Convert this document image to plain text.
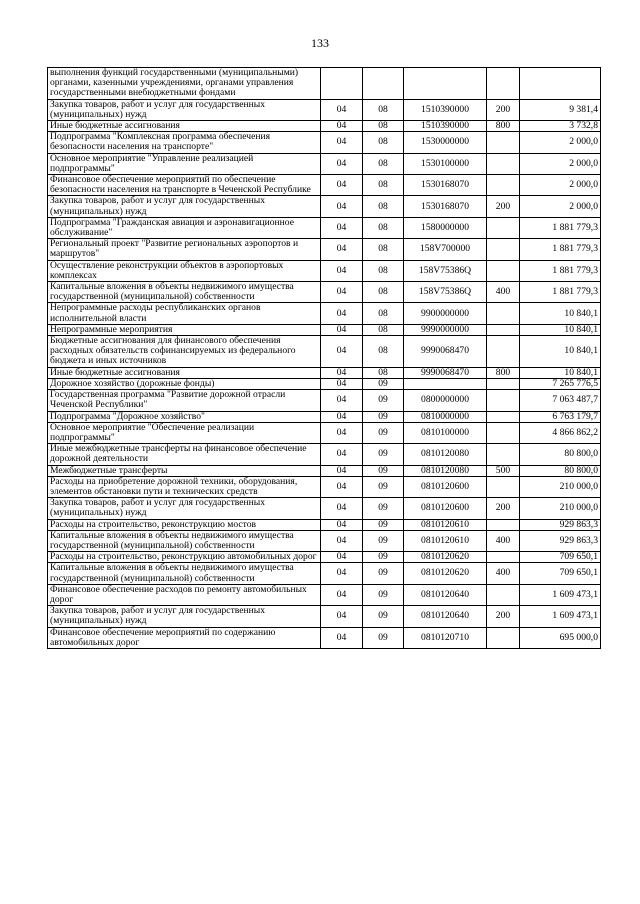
133
выполнения функций государственными (муниципальными) органами, казенными учреждениями, органами управления государственными внебюджетными фондами					
Закупка товаров, работ и услуг для государственных (муниципальных) нужд	04	08	1510390000	200	9 381,4
Иные бюджетные ассигнования	04	08	1510390000	800	3 732,8
Подпрограмма "Комплексная программа обеспечения безопасности населения на транспорте"	04	08	1530000000		2 000,0
Основное мероприятие "Управление реализацией подпрограммы"	04	08	1530100000		2 000,0
Финансовое обеспечение мероприятий по обеспечение безопасности населения на транспорте в Чеченской Республике	04	08	1530168070		2 000,0
Закупка товаров, работ и услуг для государственных (муниципальных) нужд	04	08	1530168070	200	2 000,0
Подпрограмма "Гражданская авиация и аэронавигационное обслуживание"	04	08	1580000000		1 881 779,3
Региональный проект "Развитие региональных аэропортов и маршрутов"	04	08	158V700000		1 881 779,3
Осуществление реконструкции объектов в аэропортовых комплексах	04	08	158V75386Q		1 881 779,3
Капитальные вложения в объекты недвижимого имущества государственной (муниципальной) собственности	04	08	158V75386Q	400	1 881 779,3
Непрограммные расходы республиканских органов исполнительной власти	04	08	9900000000		10 840,1
Непрограммные мероприятия	04	08	9990000000		10 840,1
Бюджетные ассигнования для финансового обеспечения расходных обязательств софинансируемых из федерального бюджета и иных источников	04	08	9990068470		10 840,1
Иные бюджетные ассигнования	04	08	9990068470	800	10 840,1
Дорожное хозяйство (дорожные фонды)	04	09			7 265 776,5
Государственная программа "Развитие дорожной отрасли Чеченской Республики"	04	09	0800000000		7 063 487,7
Подпрограмма "Дорожное хозяйство"	04	09	0810000000		6 763 179,7
Основное мероприятие "Обеспечение реализации подпрограммы"	04	09	0810100000		4 866 862,2
Иные межбюджетные трансферты на финансовое обеспечение дорожной деятельности	04	09	0810120080		80 800,0
Межбюджетные трансферты	04	09	0810120080	500	80 800,0
Расходы на приобретение дорожной техники, оборудования, элементов обстановки пути и технических средств	04	09	0810120600		210 000,0
Закупка товаров, работ и услуг для государственных (муниципальных) нужд	04	09	0810120600	200	210 000,0
Расходы на строительство, реконструкцию мостов	04	09	0810120610		929 863,3
Капитальные вложения в объекты недвижимого имущества государственной (муниципальной) собственности	04	09	0810120610	400	929 863,3
Расходы на строительство, реконструкцию автомобильных дорог	04	09	0810120620		709 650,1
Капитальные вложения в объекты недвижимого имущества государственной (муниципальной) собственности	04	09	0810120620	400	709 650,1
Финансовое обеспечение расходов по ремонту автомобильных дорог	04	09	0810120640		1 609 473,1
Закупка товаров, работ и услуг для государственных (муниципальных) нужд	04	09	0810120640	200	1 609 473,1
Финансовое обеспечение мероприятий по содержанию автомобильных дорог	04	09	0810120710		695 000,0
